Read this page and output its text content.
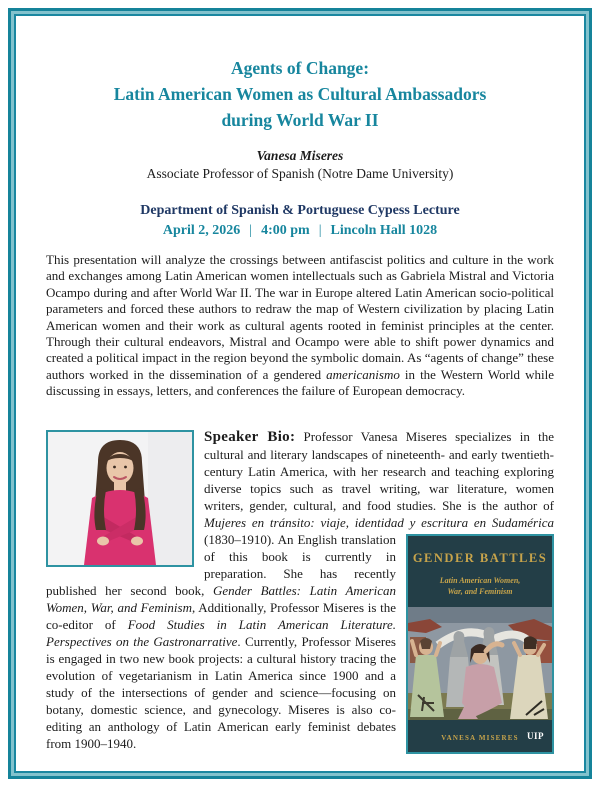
Agents of Change:
Latin American Women as Cultural Ambassadors
during World War II
Vanesa Miseres
Associate Professor of Spanish (Notre Dame University)
Department of Spanish & Portuguese Cypess Lecture
April 2, 2026 | 4:00 pm | Lincoln Hall 1028

This presentation will analyze the crossings between antifascist politics and culture in the work and exchanges among Latin American women intellectuals such as Gabriela Mistral and Victoria Ocampo during and after World War II. The war in Europe altered Latin American socio-political parameters and forced these authors to redraw the map of Western civilization by placing Latin American women and their work as cultural agents rooted in feminist principles at the center. Through their cultural endeavors, Mistral and Ocampo were able to shift power dynamics and created a political impact in the region beyond the symbolic domain. As “agents of change” these authors worked in the dissemination of a gendered americanismo in the Western World while discussing in essays, letters, and conferences the failure of European democracy.

Speaker Bio: Professor Vanesa Miseres specializes in the cultural and literary landscapes of nineteenth- and early twentieth-century Latin America, with her research and teaching exploring diverse topics such as travel writing, war literature, women writers, gender, cultural, and food studies. She is the author of Mujeres en tránsito: viaje, identidad y
GENDER BATTLES
Latin American Women,
War, and Feminism
VANESA MISERES UIP
escritura en Sudamérica (1830–1910). An English translation of this book is currently in preparation. She has recently published her second book, Gender Battles: Latin American Women, War, and Feminism, Additionally, Professor Miseres is the co-editor of Food Studies in Latin American Literature. Perspectives on the Gastronarrative. Currently, Professor Miseres is engaged in two new book projects: a cultural history tracing the evolution of vegetarianism in Latin America since 1900 and a study of the intersections of gender and science—focusing on botany, domestic science, and gynecology. Miseres is also co-editing an anthology of Latin American early feminist debates from 1900–1940.
